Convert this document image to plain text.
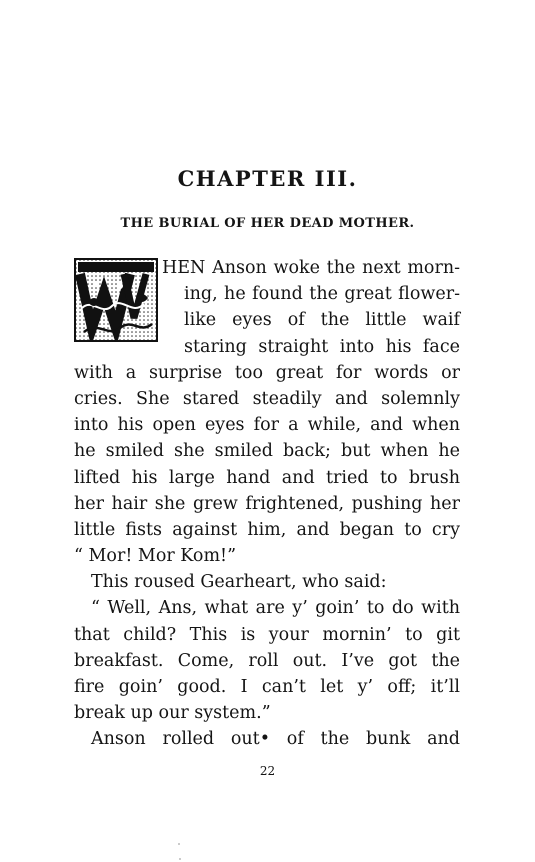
CHAPTER III.
THE BURIAL OF HER DEAD MOTHER.
HEN Anson woke the next morn-
ing, he found the great flower-
like eyes of the little waif
staring straight into his face
with a surprise too great for words or
cries. She stared steadily and solemnly
into his open eyes for a while, and when
he smiled she smiled back; but when he
lifted his large hand and tried to brush
her hair she grew frightened, pushing her
little fists against him, and began to cry
“ Mor! Mor Kom!”
This roused Gearheart, who said:
“ Well, Ans, what are y’ goin’ to do with
that child? This is your mornin’ to git
breakfast. Come, roll out. I’ve got the
fire goin’ good. I can’t let y’ off; it’ll
break up our system.”
Anson rolled out• of the bunk and

22
